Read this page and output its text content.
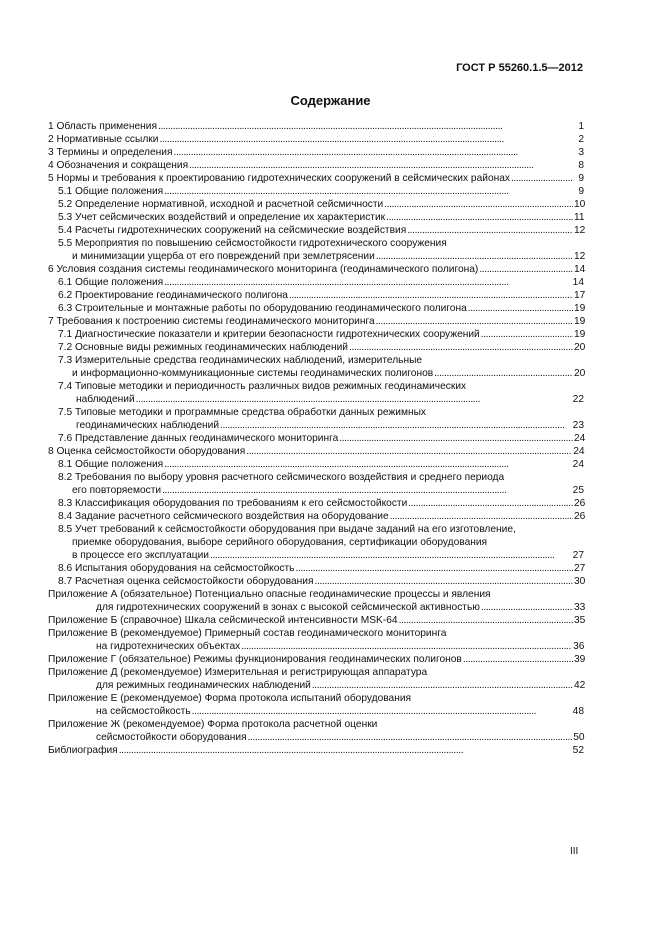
ГОСТ Р 55260.1.5—2012
Содержание
1 Область применения . . .	1
2 Нормативные ссылки . . .	2
3 Термины и определения . . .	3
4 Обозначения и сокращения . . .	8
5 Нормы и требования к проектированию гидротехнических сооружений в сейсмических районах . . .	9
5.1 Общие положения . . .	9
5.2 Определение нормативной, исходной и расчетной сейсмичности . . .	10
5.3 Учет сейсмических воздействий и определение их характеристик . . .	11
5.4 Расчеты гидротехнических сооружений на сейсмические воздействия . . .	12
5.5 Мероприятия по повышению сейсмостойкости гидротехнического сооружения
и минимизации ущерба от его повреждений при землетрясении . . .	12
6 Условия создания системы геодинамического мониторинга (геодинамического полигона) . . .	14
6.1 Общие положения . . .	14
6.2 Проектирование геодинамического полигона . . .	17
6.3 Строительные и монтажные работы по оборудованию геодинамического полигона . . .	19
7 Требования к построению системы геодинамического мониторинга . . .	19
7.1 Диагностические показатели и критерии безопасности гидротехнических сооружений . . .	19
7.2 Основные виды режимных геодинамических наблюдений . . .	20
7.3 Измерительные средства геодинамических наблюдений, измерительные
и информационно-коммуникационные системы геодинамических полигонов . . .	20
7.4 Типовые методики и периодичность различных видов режимных геодинамических
наблюдений . . .	22
7.5 Типовые методики и программные средства обработки данных режимных
геодинамических наблюдений . . .	23
7.6 Представление данных геодинамического мониторинга . . .	24
8 Оценка сейсмостойкости оборудования . . .	24
8.1 Общие положения . . .	24
8.2 Требования по выбору уровня расчетного сейсмического воздействия и среднего периода
его повторяемости . . .	25
8.3 Классификация оборудования по требованиям к его сейсмостойкости . . .	26
8.4 Задание расчетного сейсмического воздействия на оборудование . . .	26
8.5 Учет требований к сейсмостойкости оборудования при выдаче заданий на его изготовление,
приемке оборудования, выборе серийного оборудования, сертификации оборудования
в процессе его эксплуатации . . .	27
8.6 Испытания оборудования на сейсмостойкость . . .	27
8.7 Расчетная оценка сейсмостойкости оборудования . . .	30
Приложение А (обязательное) Потенциально опасные геодинамические процессы и явления
для гидротехнических сооружений в зонах с высокой сейсмической активностью . . .	33
Приложение Б (справочное) Шкала сейсмической интенсивности MSK-64 . . .	35
Приложение В (рекомендуемое) Примерный состав геодинамического мониторинга
на гидротехнических объектах . . .	36
Приложение Г (обязательное) Режимы функционирования геодинамических полигонов . . .	39
Приложение Д (рекомендуемое) Измерительная и регистрирующая аппаратура
для режимных геодинамических наблюдений . . .	42
Приложение Е (рекомендуемое) Форма протокола испытаний оборудования
на сейсмостойкость . . .	48
Приложение Ж (рекомендуемое) Форма протокола расчетной оценки
сейсмостойкости оборудования . . .	50
Библиография . . .	52
III
